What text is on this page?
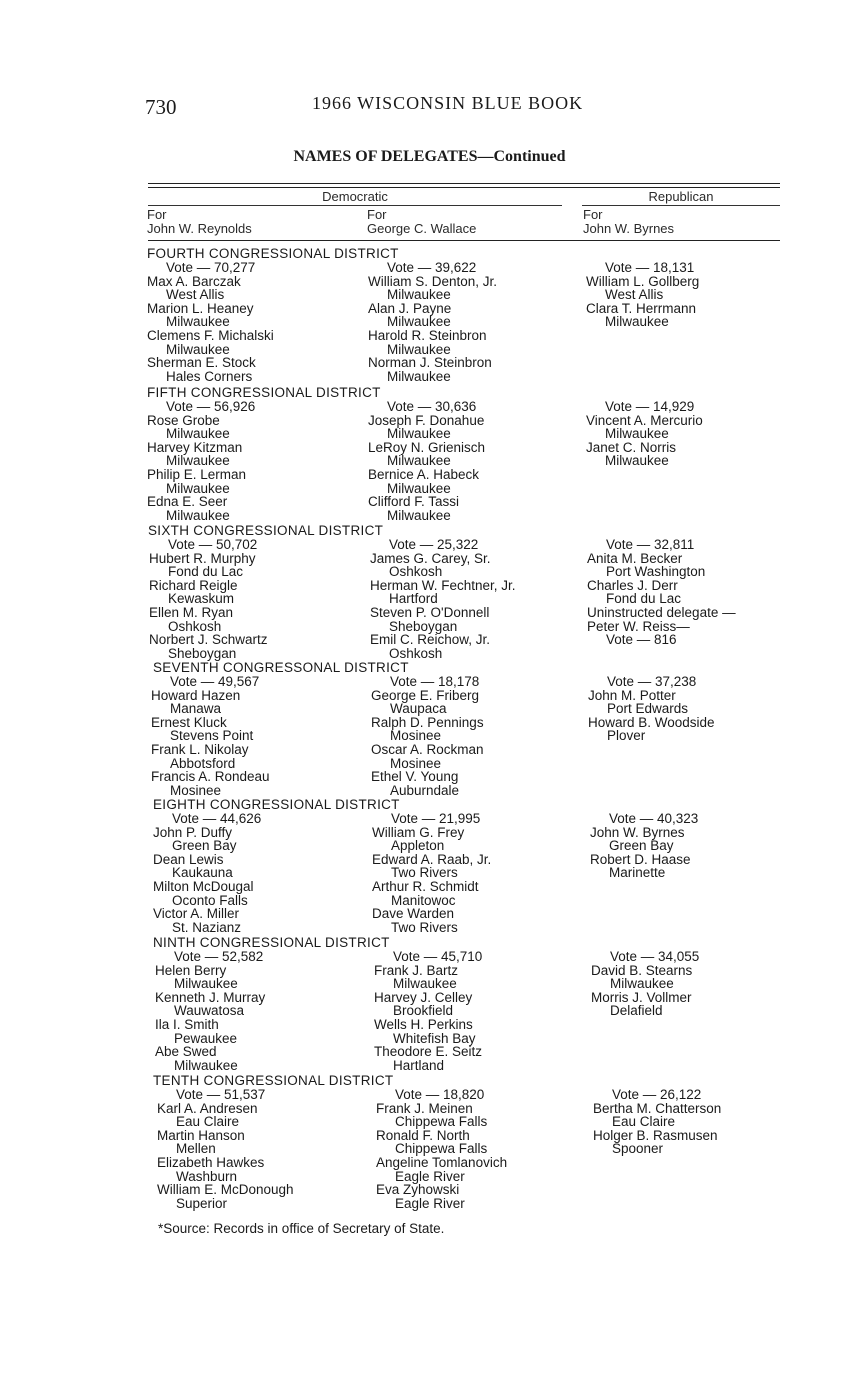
730	1966 WISCONSIN BLUE BOOK
NAMES OF DELEGATES—Continued
Democratic	Republican
For
John W. Reynolds
For
George C. Wallace
For
John W. Byrnes
FOURTH CONGRESSIONAL DISTRICT
Vote — 70,277
Max A. Barczak
West Allis
Marion L. Heaney
Milwaukee
Clemens F. Michalski
Milwaukee
Sherman E. Stock
Hales Corners
Vote — 39,622
William S. Denton, Jr.
Milwaukee
Alan J. Payne
Milwaukee
Harold R. Steinbron
Milwaukee
Norman J. Steinbron
Milwaukee
Vote — 18,131
William L. Gollberg
West Allis
Clara T. Herrmann
Milwaukee
FIFTH CONGRESSIONAL DISTRICT
Vote — 56,926
Rose Grobe
Milwaukee
Harvey Kitzman
Milwaukee
Philip E. Lerman
Milwaukee
Edna E. Seer
Milwaukee
Vote — 30,636
Joseph F. Donahue
Milwaukee
LeRoy N. Grienisch
Milwaukee
Bernice A. Habeck
Milwaukee
Clifford F. Tassi
Milwaukee
Vote — 14,929
Vincent A. Mercurio
Milwaukee
Janet C. Norris
Milwaukee
SIXTH CONGRESSIONAL DISTRICT
Vote — 50,702
Hubert R. Murphy
Fond du Lac
Richard Reigle
Kewaskum
Ellen M. Ryan
Oshkosh
Norbert J. Schwartz
Sheboygan
Vote — 25,322
James G. Carey, Sr.
Oshkosh
Herman W. Fechtner, Jr.
Hartford
Steven P. O'Donnell
Sheboygan
Emil C. Reichow, Jr.
Oshkosh
Vote — 32,811
Anita M. Becker
Port Washington
Charles J. Derr
Fond du Lac
Uninstructed delegate —
Peter W. Reiss—
Vote — 816
SEVENTH CONGRESSONAL DISTRICT
Vote — 49,567
Howard Hazen
Manawa
Ernest Kluck
Stevens Point
Frank L. Nikolay
Abbotsford
Francis A. Rondeau
Mosinee
Vote — 18,178
George E. Friberg
Waupaca
Ralph D. Pennings
Mosinee
Oscar A. Rockman
Mosinee
Ethel V. Young
Auburndale
Vote — 37,238
John M. Potter
Port Edwards
Howard B. Woodside
Plover
EIGHTH CONGRESSIONAL DISTRICT
Vote — 44,626
John P. Duffy
Green Bay
Dean Lewis
Kaukauna
Milton McDougal
Oconto Falls
Victor A. Miller
St. Nazianz
Vote — 21,995
William G. Frey
Appleton
Edward A. Raab, Jr.
Two Rivers
Arthur R. Schmidt
Manitowoc
Dave Warden
Two Rivers
Vote — 40,323
John W. Byrnes
Green Bay
Robert D. Haase
Marinette
NINTH CONGRESSIONAL DISTRICT
Vote — 52,582
Helen Berry
Milwaukee
Kenneth J. Murray
Wauwatosa
Ila I. Smith
Pewaukee
Abe Swed
Milwaukee
Vote — 45,710
Frank J. Bartz
Milwaukee
Harvey J. Celley
Brookfield
Wells H. Perkins
Whitefish Bay
Theodore E. Seitz
Hartland
Vote — 34,055
David B. Stearns
Milwaukee
Morris J. Vollmer
Delafield
TENTH CONGRESSIONAL DISTRICT
Vote — 51,537
Karl A. Andresen
Eau Claire
Martin Hanson
Mellen
Elizabeth Hawkes
Washburn
William E. McDonough
Superior
Vote — 18,820
Frank J. Meinen
Chippewa Falls
Ronald F. North
Chippewa Falls
Angeline Tomlanovich
Eagle River
Eva Zyhowski
Eagle River
Vote — 26,122
Bertha M. Chatterson
Eau Claire
Holger B. Rasmusen
Spooner
*Source: Records in office of Secretary of State.
